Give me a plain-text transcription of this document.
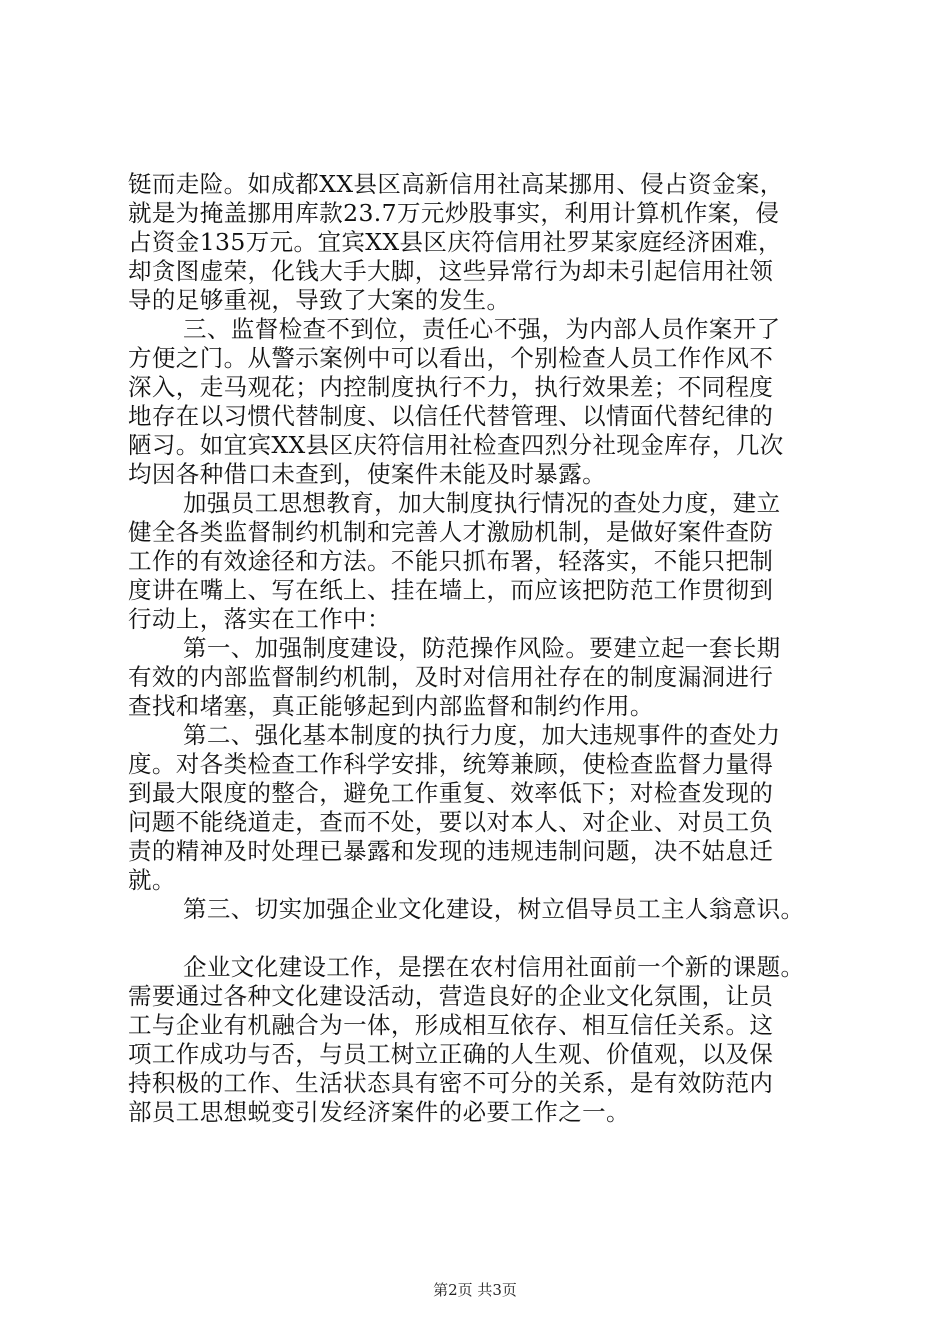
铤而走险。如成都XX县区高新信用社高某挪用、侵占资金案，
就是为掩盖挪用库款23.7万元炒股事实，利用计算机作案，侵
占资金135万元。宜宾XX县区庆符信用社罗某家庭经济困难，
却贪图虚荣，化钱大手大脚，这些异常行为却未引起信用社领
导的足够重视，导致了大案的发生。
三、监督检查不到位，责任心不强，为内部人员作案开了
方便之门。从警示案例中可以看出，个别检查人员工作作风不
深入，走马观花；内控制度执行不力，执行效果差；不同程度
地存在以习惯代替制度、以信任代替管理、以情面代替纪律的
陋习。如宜宾XX县区庆符信用社检查四烈分社现金库存，几次
均因各种借口未查到，使案件未能及时暴露。
加强员工思想教育，加大制度执行情况的查处力度，建立
健全各类监督制约机制和完善人才激励机制，是做好案件查防
工作的有效途径和方法。不能只抓布署，轻落实，不能只把制
度讲在嘴上、写在纸上、挂在墙上，而应该把防范工作贯彻到
行动上，落实在工作中：
第一、加强制度建设，防范操作风险。要建立起一套长期
有效的内部监督制约机制，及时对信用社存在的制度漏洞进行
查找和堵塞，真正能够起到内部监督和制约作用。
第二、强化基本制度的执行力度，加大违规事件的查处力
度。对各类检查工作科学安排，统筹兼顾，使检查监督力量得
到最大限度的整合，避免工作重复、效率低下；对检查发现的
问题不能绕道走，查而不处，要以对本人、对企业、对员工负
责的精神及时处理已暴露和发现的违规违制问题，决不姑息迁
就。
第三、切实加强企业文化建设，树立倡导员工主人翁意识。
企业文化建设工作，是摆在农村信用社面前一个新的课题。
需要通过各种文化建设活动，营造良好的企业文化氛围，让员
工与企业有机融合为一体，形成相互依存、相互信任关系。这
项工作成功与否，与员工树立正确的人生观、价值观，以及保
持积极的工作、生活状态具有密不可分的关系，是有效防范内
部员工思想蜕变引发经济案件的必要工作之一。
第2页 共3页
